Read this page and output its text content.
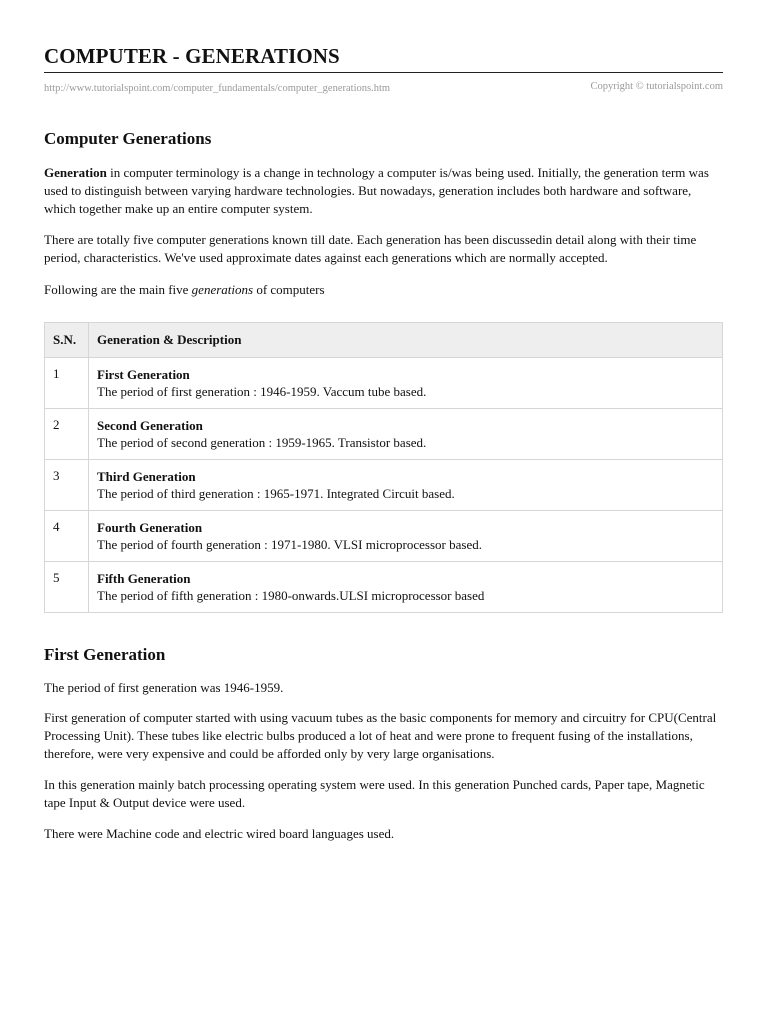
COMPUTER - GENERATIONS
http://www.tutorialspoint.com/computer_fundamentals/computer_generations.htm	Copyright © tutorialspoint.com
Computer Generations

Generation in computer terminology is a change in technology a computer is/was being used. Initially, the generation term was used to distinguish between varying hardware technologies. But nowadays, generation includes both hardware and software, which together make up an entire computer system.

There are totally five computer generations known till date. Each generation has been discussedin detail along with their time period, characteristics. We've used approximate dates against each generations which are normally accepted.

Following are the main five generations of computers

S.N.	Generation & Description
1	First Generation
The period of first generation : 1946-1959. Vaccum tube based.

2	Second Generation
The period of second generation : 1959-1965. Transistor based.

3	Third Generation
The period of third generation : 1965-1971. Integrated Circuit based.

4	Fourth Generation
The period of fourth generation : 1971-1980. VLSI microprocessor based.

5	Fifth Generation
The period of fifth generation : 1980-onwards.ULSI microprocessor based
First Generation

The period of first generation was 1946-1959.

First generation of computer started with using vacuum tubes as the basic components for memory and circuitry for CPU(Central Processing Unit). These tubes like electric bulbs produced a lot of heat and were prone to frequent fusing of the installations, therefore, were very expensive and could be afforded only by very large organisations.

In this generation mainly batch processing operating system were used. In this generation Punched cards, Paper tape, Magnetic tape Input & Output device were used.

There were Machine code and electric wired board languages used.
